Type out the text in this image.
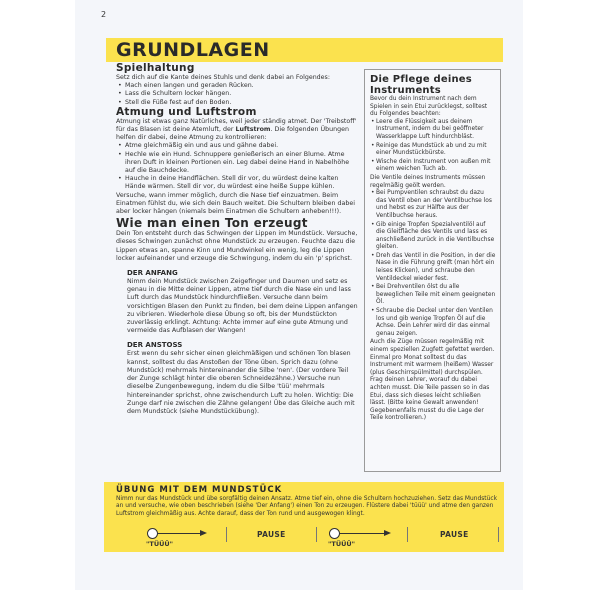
2
GRUNDLAGEN
Spielhaltung

Setz dich auf die Kante deines Stuhls und denk dabei an Folgendes:

• Mach einen langen und geraden Rücken.
• Lass die Schultern locker hängen.
• Stell die Füße fest auf den Boden.
Atmung und Luftstrom

Atmung ist etwas ganz Natürliches, weil jeder ständig atmet. Der 'Treibstoff' für das Blasen ist deine Atemluft, der Luftstrom. Die folgenden Übungen helfen dir dabei, deine Atmung zu kontrollieren:

• Atme gleichmäßig ein und aus und gähne dabei.
• Hechle wie ein Hund. Schnuppere genießerisch an einer Blume. Atme ihren Duft in kleinen Portionen ein. Leg dabei deine Hand in Nabelhöhe auf die Bauchdecke.
• Hauche in deine Handflächen. Stell dir vor, du würdest deine kalten Hände wärmen. Stell dir vor, du würdest eine heiße Suppe kühlen.

Versuche, wann immer möglich, durch die Nase tief einzuatmen. Beim Einatmen fühlst du, wie sich dein Bauch weitet. Die Schultern bleiben dabei aber locker hängen (niemals beim Einatmen die Schultern anheben!!!).

Wie man einen Ton erzeugt

Dein Ton entsteht durch das Schwingen der Lippen im Mundstück. Versuche, dieses Schwingen zunächst ohne Mundstück zu erzeugen. Feuchte dazu die Lippen etwas an, spanne Kinn und Mundwinkel ein wenig, leg die Lippen locker aufeinander und erzeuge die Schwingung, indem du ein 'p' sprichst.

DER ANFANG

Nimm dein Mundstück zwischen Zeigefinger und Daumen und setz es genau in die Mitte deiner Lippen, atme tief durch die Nase ein und lass Luft durch das Mundstück hindurchfließen. Versuche dann beim vorsichtigen Blasen den Punkt zu finden, bei dem deine Lippen anfangen zu vibrieren. Wiederhole diese Übung so oft, bis der Mundstückton zuverlässig erklingt. Achtung: Achte immer auf eine gute Atmung und vermeide das Aufblasen der Wangen!

DER ANSTOSS

Erst wenn du sehr sicher einen gleichmäßigen und schönen Ton blasen kannst, solltest du das Anstoßen der Töne üben. Sprich dazu (ohne Mundstück) mehrmals hintereinander die Silbe 'nen'. (Der vordere Teil der Zunge schlägt hinter die oberen Schneidezähne.) Versuche nun dieselbe Zungenbewegung, indem du die Silbe 'tüü' mehrmals hintereinander sprichst, ohne zwischendurch Luft zu holen. Wichtig: Die Zunge darf nie zwischen die Zähne gelangen! Übe das Gleiche auch mit dem Mundstück (siehe Mundstückübung).

Die Pflege deines Instruments

Bevor du dein Instrument nach dem Spielen in sein Etui zurücklegst, solltest du Folgendes beachten:

• Leere die Flüssigkeit aus deinem Instrument, indem du bei geöffneter Wasserklappe Luft hindurchbläst.
• Reinige das Mundstück ab und zu mit einer Mundstückbürste.
• Wische dein Instrument von außen mit einem weichen Tuch ab.

Die Ventile deines Instruments müssen regelmäßig geölt werden.

• Bei Pumpventilen schraubst du dazu das Ventil oben an der Ventilbuchse los und hebst es zur Hälfte aus der Ventilbuchse heraus.
• Gib einige Tropfen Spezialventilöl auf die Gleitfläche des Ventils und lass es anschließend zurück in die Ventilbuchse gleiten.
• Dreh das Ventil in die Position, in der die Nase in die Führung greift (man hört ein leises Klicken), und schraube den Ventildeckel wieder fest.
• Bei Drehventilen ölst du alle beweglichen Teile mit einem geeigneten Öl.
• Schraube die Deckel unter den Ventilen los und gib wenige Tropfen Öl auf die Achse. Dein Lehrer wird dir das einmal genau zeigen.

Auch die Züge müssen regelmäßig mit einem speziellen Zugfett gefettet werden. Einmal pro Monat solltest du das Instrument mit warmem (heißem) Wasser (plus Geschirrspülmittel) durchspülen. Frag deinen Lehrer, worauf du dabei achten musst. Die Teile passen so in das Etui, dass sich dieses leicht schließen lässt. (Bitte keine Gewalt anwenden! Gegebenenfalls musst du die Lage der Teile kontrollieren.)

ÜBUNG MIT DEM MUNDSTÜCK
Nimm nur das Mundstück und übe sorgfältig deinen Ansatz. Atme tief ein, ohne die Schultern hochzuziehen. Setz das Mundstück an und versuche, wie oben beschrieben (siehe 'Der Anfang') einen Ton zu erzeugen. Flüstere dabei 'tüüü' und atme den ganzen Luftstrom gleichmäßig aus. Achte darauf, dass der Ton rund und ausgewogen klingt.
"TÜÜÜ"
PAUSE
"TÜÜÜ"
PAUSE
